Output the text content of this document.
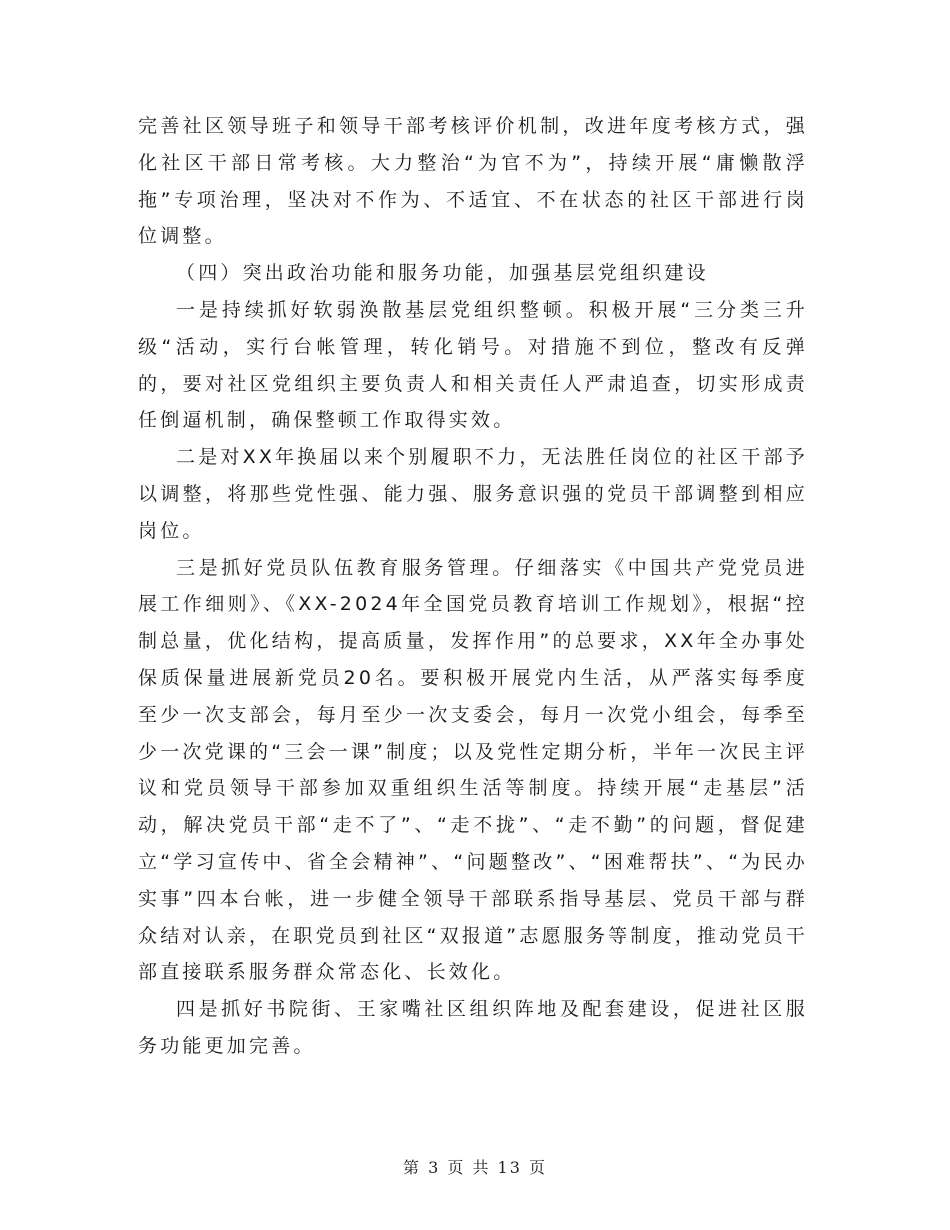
完善社区领导班子和领导干部考核评价机制，改进年度考核方式，强化社区干部日常考核。大力整治“为官不为”，持续开展“庸懒散浮拖”专项治理，坚决对不作为、不适宜、不在状态的社区干部进行岗位调整。

（四）突出政治功能和服务功能，加强基层党组织建设

一是持续抓好软弱涣散基层党组织整顿。积极开展“三分类三升级“活动，实行台帐管理，转化销号。对措施不到位，整改有反弹的，要对社区党组织主要负责人和相关责任人严肃追查，切实形成责任倒逼机制，确保整顿工作取得实效。

二是对XX年换届以来个别履职不力，无法胜任岗位的社区干部予以调整，将那些党性强、能力强、服务意识强的党员干部调整到相应岗位。

三是抓好党员队伍教育服务管理。仔细落实《中国共产党党员进展工作细则》、《XX-2024年全国党员教育培训工作规划》，根据“控制总量，优化结构，提高质量，发挥作用”的总要求，XX年全办事处保质保量进展新党员20名。要积极开展党内生活，从严落实每季度至少一次支部会，每月至少一次支委会，每月一次党小组会，每季至少一次党课的“三会一课”制度；以及党性定期分析，半年一次民主评议和党员领导干部参加双重组织生活等制度。持续开展“走基层”活动，解决党员干部“走不了”、“走不拢”、“走不勤”的问题，督促建立“学习宣传中、省全会精神”、“问题整改”、“困难帮扶”、“为民办实事”四本台帐，进一步健全领导干部联系指导基层、党员干部与群众结对认亲，在职党员到社区“双报道”志愿服务等制度，推动党员干部直接联系服务群众常态化、长效化。

四是抓好书院街、王家嘴社区组织阵地及配套建设，促进社区服务功能更加完善。

第 3 页 共 13 页
